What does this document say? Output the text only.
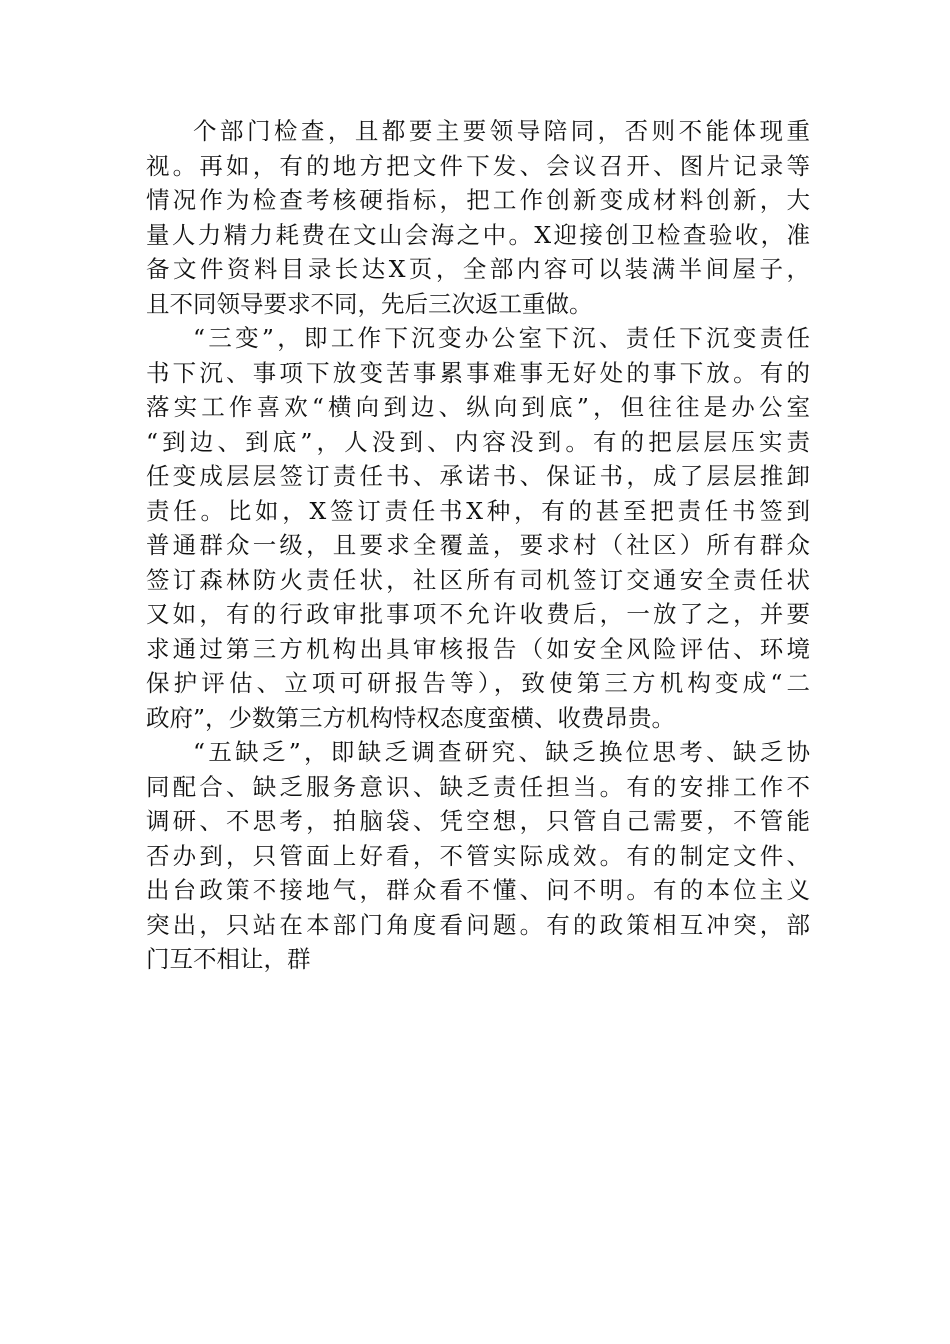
个部门检查，且都要主要领导陪同，否则不能体现重
视。再如，有的地方把文件下发、会议召开、图片记录等
情况作为检查考核硬指标，把工作创新变成材料创新，大
量人力精力耗费在文山会海之中。X迎接创卫检查验收，准
备文件资料目录长达X页，全部内容可以装满半间屋子，
且不同领导要求不同，先后三次返工重做。
“三变”，即工作下沉变办公室下沉、责任下沉变责任
书下沉、事项下放变苦事累事难事无好处的事下放。有的
落实工作喜欢“横向到边、纵向到底”，但往往是办公室
“到边、到底”，人没到、内容没到。有的把层层压实责
任变成层层签订责任书、承诺书、保证书，成了层层推卸
责任。比如，X签订责任书X种，有的甚至把责任书签到
普通群众一级，且要求全覆盖，要求村（社区）所有群众
签订森林防火责任状，社区所有司机签订交通安全责任状
又如，有的行政审批事项不允许收费后，一放了之，并要
求通过第三方机构出具审核报告（如安全风险评估、环境
保护评估、立项可研报告等），致使第三方机构变成“二
政府”，少数第三方机构恃权态度蛮横、收费昂贵。
“五缺乏”，即缺乏调查研究、缺乏换位思考、缺乏协
同配合、缺乏服务意识、缺乏责任担当。有的安排工作不
调研、不思考，拍脑袋、凭空想，只管自己需要，不管能
否办到，只管面上好看，不管实际成效。有的制定文件、
出台政策不接地气，群众看不懂、问不明。有的本位主义
突出，只站在本部门角度看问题。有的政策相互冲突，部
门互不相让，群
